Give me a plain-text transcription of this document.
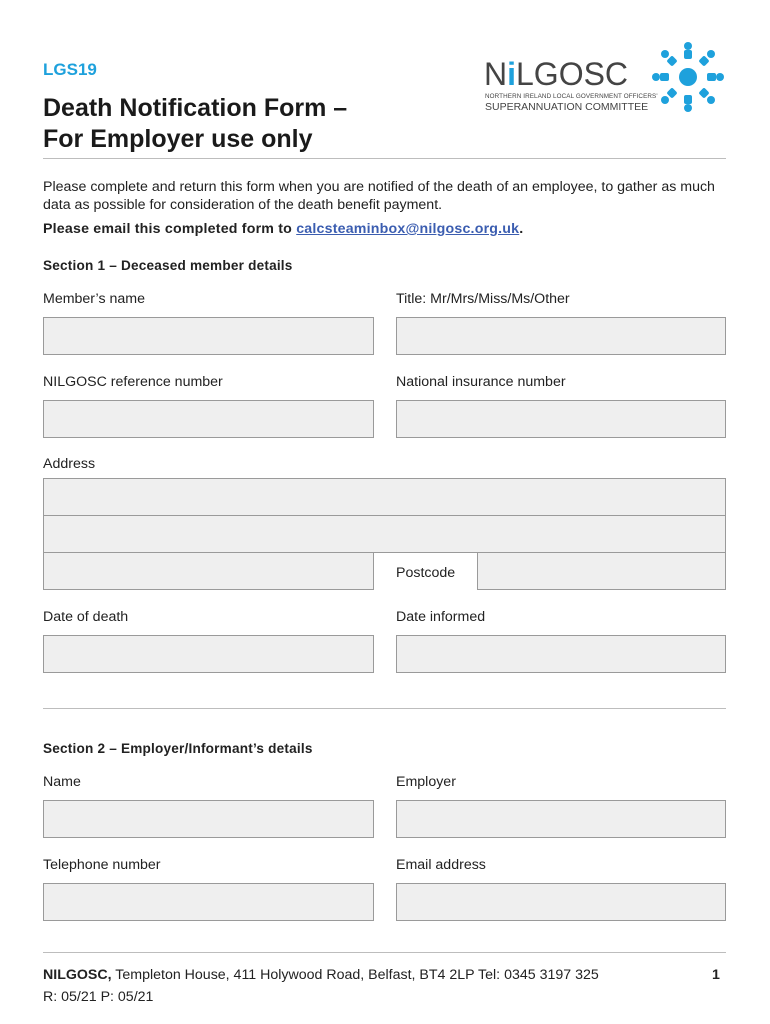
LGS19
Death Notification Form –
For Employer use only
NiLGOSC
NORTHERN IRELAND LOCAL GOVERNMENT OFFICERS'
SUPERANNUATION COMMITTEE
Please complete and return this form when you are notified of the death of an employee, to gather as much data as possible for consideration of the death benefit payment.
Please email this completed form to calcsteaminbox@nilgosc.org.uk.
Section 1 – Deceased member details
Member’s name	Title: Mr/Mrs/Miss/Ms/Other
NILGOSC reference number	National insurance number
Address
Postcode
Date of death	Date informed
Section 2 – Employer/Informant’s details
Name	Employer
Telephone number	Email address
NILGOSC, Templeton House, 411 Holywood Road, Belfast, BT4 2LP Tel: 0345 3197 325	1
R: 05/21 P: 05/21
